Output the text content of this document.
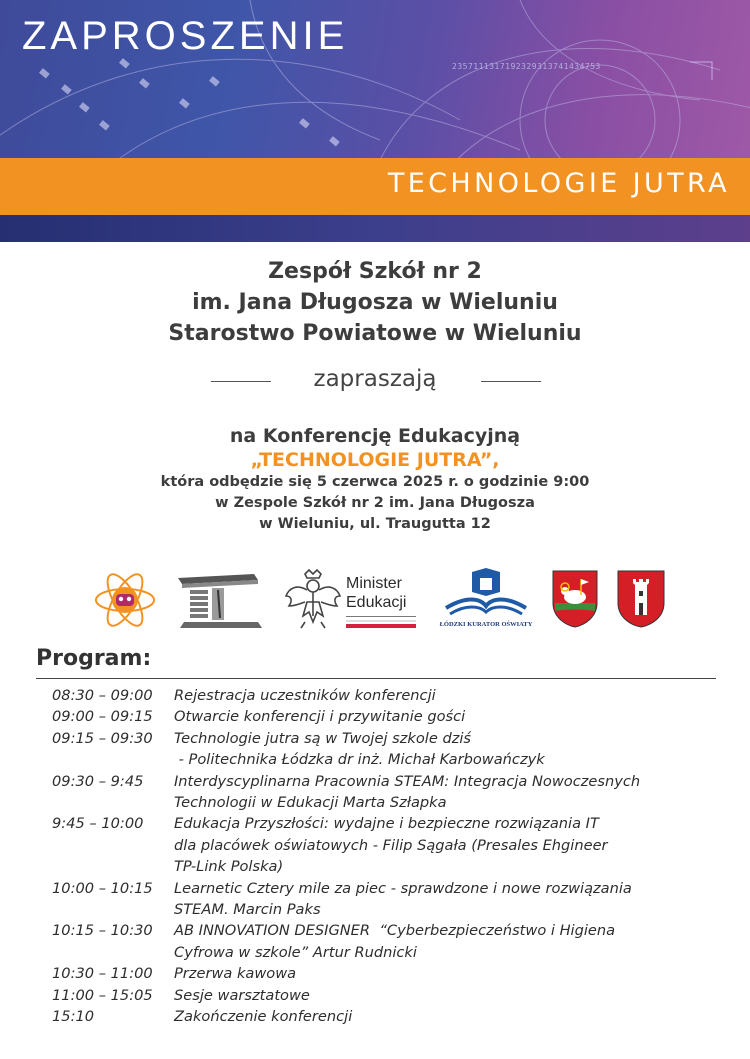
ZAPROSZENIE
2357111317192329313741434753
TECHNOLOGIE JUTRA
Zespół Szkół nr 2
im. Jana Długosza w Wieluniu
Starostwo Powiatowe w Wieluniu
zapraszają
na Konferencję Edukacyjną
„TECHNOLOGIE JUTRA”,
która odbędzie się 5 czerwca 2025 r. o godzinie 9:00
w Zespole Szkół nr 2 im. Jana Długosza
w Wieluniu, ul. Traugutta 12
Minister
Edukacji
ŁÓDZKI KURATOR OŚWIATY
Program:
08:30 – 09:00	Rejestracja uczestników konferencji
09:00 – 09:15	Otwarcie konferencji i przywitanie gości
09:15 – 09:30	Technologie jutra są w Twojej szkole dziś
- Politechnika Łódzka dr inż. Michał Karbowańczyk
09:30 – 9:45	Interdyscyplinarna Pracownia STEAM: Integracja Nowoczesnych
Technologii w Edukacji Marta Szłapka
9:45 – 10:00	Edukacja Przyszłości: wydajne i bezpieczne rozwiązania IT
dla placówek oświatowych - Filip Sągała (Presales Ehgineer
TP-Link Polska)
10:00 – 10:15	Learnetic Cztery mile za piec - sprawdzone i nowe rozwiązania
STEAM. Marcin Paks
10:15 – 10:30	AB INNOVATION DESIGNER  “Cyberbezpieczeństwo i Higiena
Cyfrowa w szkole” Artur Rudnicki
10:30 – 11:00	Przerwa kawowa
11:00 – 15:05	Sesje warsztatowe
15:10	Zakończenie konferencji
